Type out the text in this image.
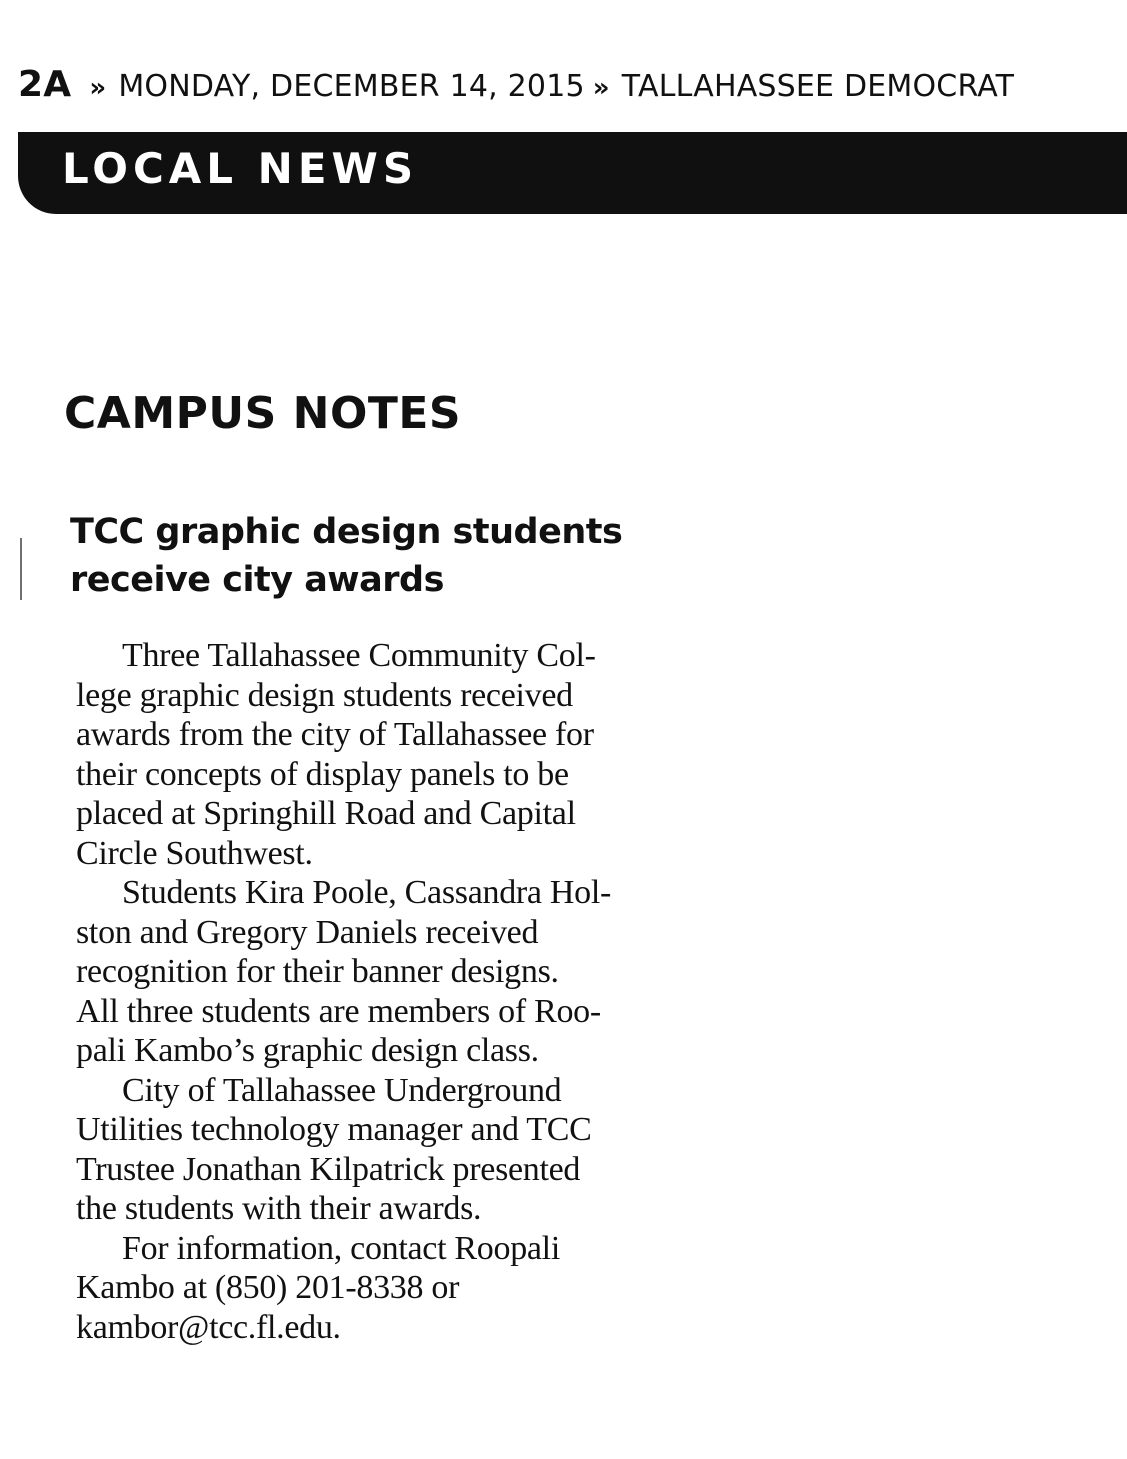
2A » MONDAY, DECEMBER 14, 2015 » TALLAHASSEE DEMOCRAT
LOCAL NEWS
CAMPUS NOTES
TCC graphic design students
receive city awards
Three Tallahassee Community Col-
lege graphic design students received
awards from the city of Tallahassee for
their concepts of display panels to be
placed at Springhill Road and Capital
Circle Southwest.
Students Kira Poole, Cassandra Hol-
ston and Gregory Daniels received
recognition for their banner designs.
All three students are members of Roo-
pali Kambo’s graphic design class.
City of Tallahassee Underground
Utilities technology manager and TCC
Trustee Jonathan Kilpatrick presented
the students with their awards.
For information, contact Roopali
Kambo at (850) 201-8338 or
kambor@tcc.fl.edu.
